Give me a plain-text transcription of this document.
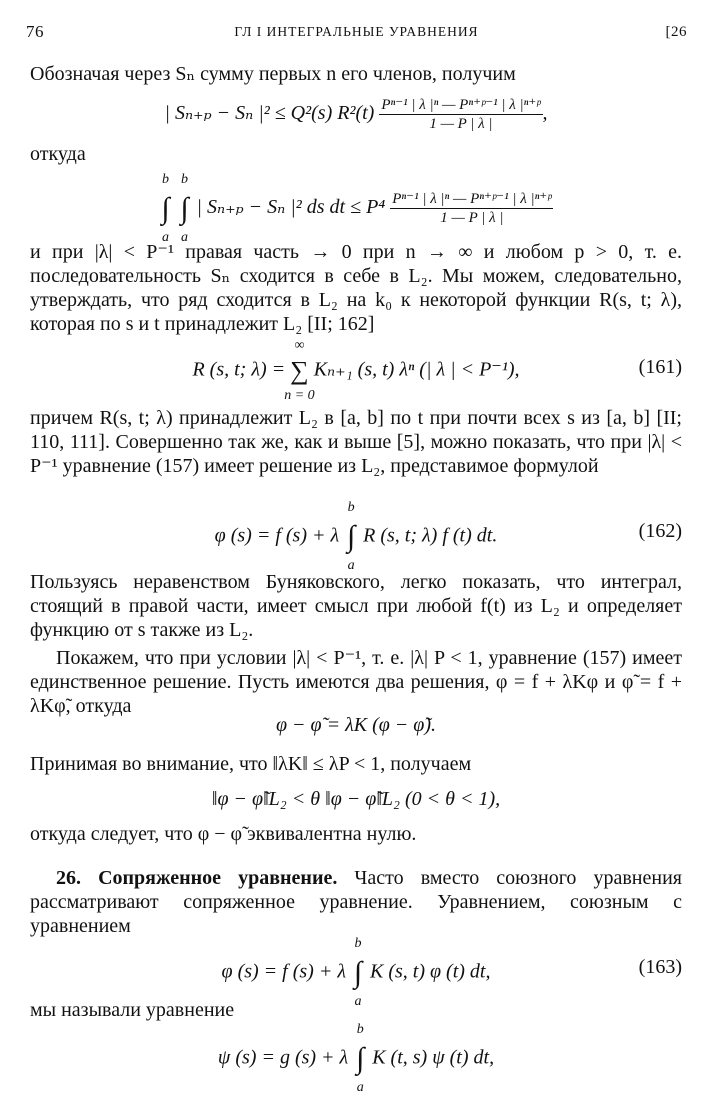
76	ГЛ I ИНТЕГРАЛЬНЫЕ УРАВНЕНИЯ	[26
Обозначая через Sₙ сумму первых n его членов, получим
| Sₙ₊ₚ − Sₙ |² ≤ Q²(s) $R^2(t) \frac{\text{Pⁿ⁻¹ | λ |ⁿ — Pⁿ⁺ᵖ⁻¹ | λ |ⁿ⁺ᵖ}}{1 — P | \lambda |}$ ,
откуда
b
∫
a

b
∫
a
| Sₙ₊ₚ − Sₙ |² ds dt ≤ $P^4 \frac{\text{Pⁿ⁻¹ | λ |ⁿ — Pⁿ⁺ᵖ⁻¹ | λ |ⁿ⁺ᵖ}}{1 — P | \lambda |}$
и при |λ| < P⁻¹ правая часть → 0 при n → ∞ и любом p > 0, т. е. последовательность Sₙ сходится в себе в L₂. Мы можем, следовательно, утверждать, что ряд сходится в L₂ на k₀ к некоторой функции R(s, t; λ), которая по s и t принадлежит L₂ [II; 162]
R (s, t; λ) =
∞
∑
n = 0
Kₙ₊₁ (s, t) λⁿ (| λ | < P⁻¹),	(161)
причем R(s, t; λ) принадлежит L₂ в [a, b] по t при почти всех s из [a, b] [II; 110, 111]. Совершенно так же, как и выше [5], можно показать, что при |λ| < P⁻¹ уравнение (157) имеет решение из L₂, представимое формулой
φ (s) = f (s) + λ
b
∫
a
R (s, t; λ) f (t) dt.	(162)
Пользуясь неравенством Буняковского, легко показать, что интеграл, стоящий в правой части, имеет смысл при любой f(t) из L₂ и определяет функцию от s также из L₂.
Покажем, что при условии |λ| < P⁻¹, т. е. |λ| P < 1, уравнение (157) имеет единственное решение. Пусть имеются два решения, φ = f + λKφ и φ̃ = f + λKφ̃, откуда
φ − φ̃ = λK (φ − φ̃).
Принимая во внимание, что ‖λK‖ ≤ λP < 1, получаем
‖φ − φ̃‖L₂ < θ ‖φ − φ̃‖L₂ (0 < θ < 1),
откуда следует, что φ − φ̃ эквивалентна нулю.
26. Сопряженное уравнение. Часто вместо союзного уравнения рассматривают сопряженное уравнение. Уравнением, союзным с уравнением
φ (s) = f (s) + λ
b
∫
a
K (s, t) φ (t) dt,	(163)
мы называли уравнение
ψ (s) = g (s) + λ
b
∫
a
K (t, s) ψ (t) dt,
